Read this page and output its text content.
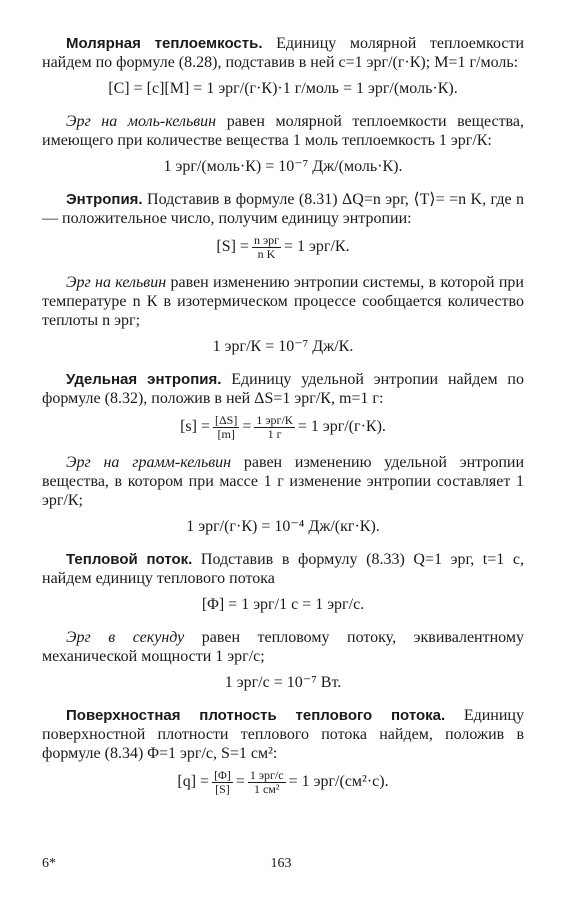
Молярная теплоемкость. Единицу молярной теплоемкости найдем по формуле (8.28), подставив в ней c=1 эрг/(г·К); M=1 г/моль:

[C] = [c][M] = 1 эрг/(г·К)·1 г/моль = 1 эрг/(моль·К).

Эрг на моль-кельвин равен молярной теплоемкости вещества, имеющего при количестве вещества 1 моль теплоемкость 1 эрг/К:

1 эрг/(моль·К) = 10⁻⁷ Дж/(моль·К).

Энтропия. Подставив в формуле (8.31) ΔQ=n эрг, ⟨T⟩= =n K, где n — положительное число, получим единицу энтропии:

$[S] = \frac{\text{n эрг}}{\text{n K}} = 1$ эрг/К.

Эрг на кельвин равен изменению энтропии системы, в которой при температуре n К в изотермическом процессе сообщается количество теплоты n эрг;

1 эрг/К = 10⁻⁷ Дж/К.

Удельная энтропия. Единицу удельной энтропии найдем по формуле (8.32), положив в ней ΔS=1 эрг/К, m=1 г:

$[s] = \frac{[\Delta S]}{[m]} = \frac{\text{1 эрг/К}}{1 г} = 1$ эрг/(г·К).

Эрг на грамм-кельвин равен изменению удельной энтропии вещества, в котором при массе 1 г изменение энтропии составляет 1 эрг/К;

1 эрг/(г·К) = 10⁻⁴ Дж/(кг·К).

Тепловой поток. Подставив в формулу (8.33) Q=1 эрг, t=1 с, найдем единицу теплового потока

[Φ] = 1 эрг/1 с = 1 эрг/с.

Эрг в секунду равен тепловому потоку, эквивалентному механической мощности 1 эрг/с;

1 эрг/с = 10⁻⁷ Вт.

Поверхностная плотность теплового потока. Единицу поверхностной плотности теплового потока найдем, положив в формуле (8.34) Φ=1 эрг/с, S=1 см²:

$[q] = \frac{[\Phi]}{[S]} = \frac{\text{1 эрг/с}}{\text{1 см²}} = 1$ эрг/(см²·с).
6*	163
